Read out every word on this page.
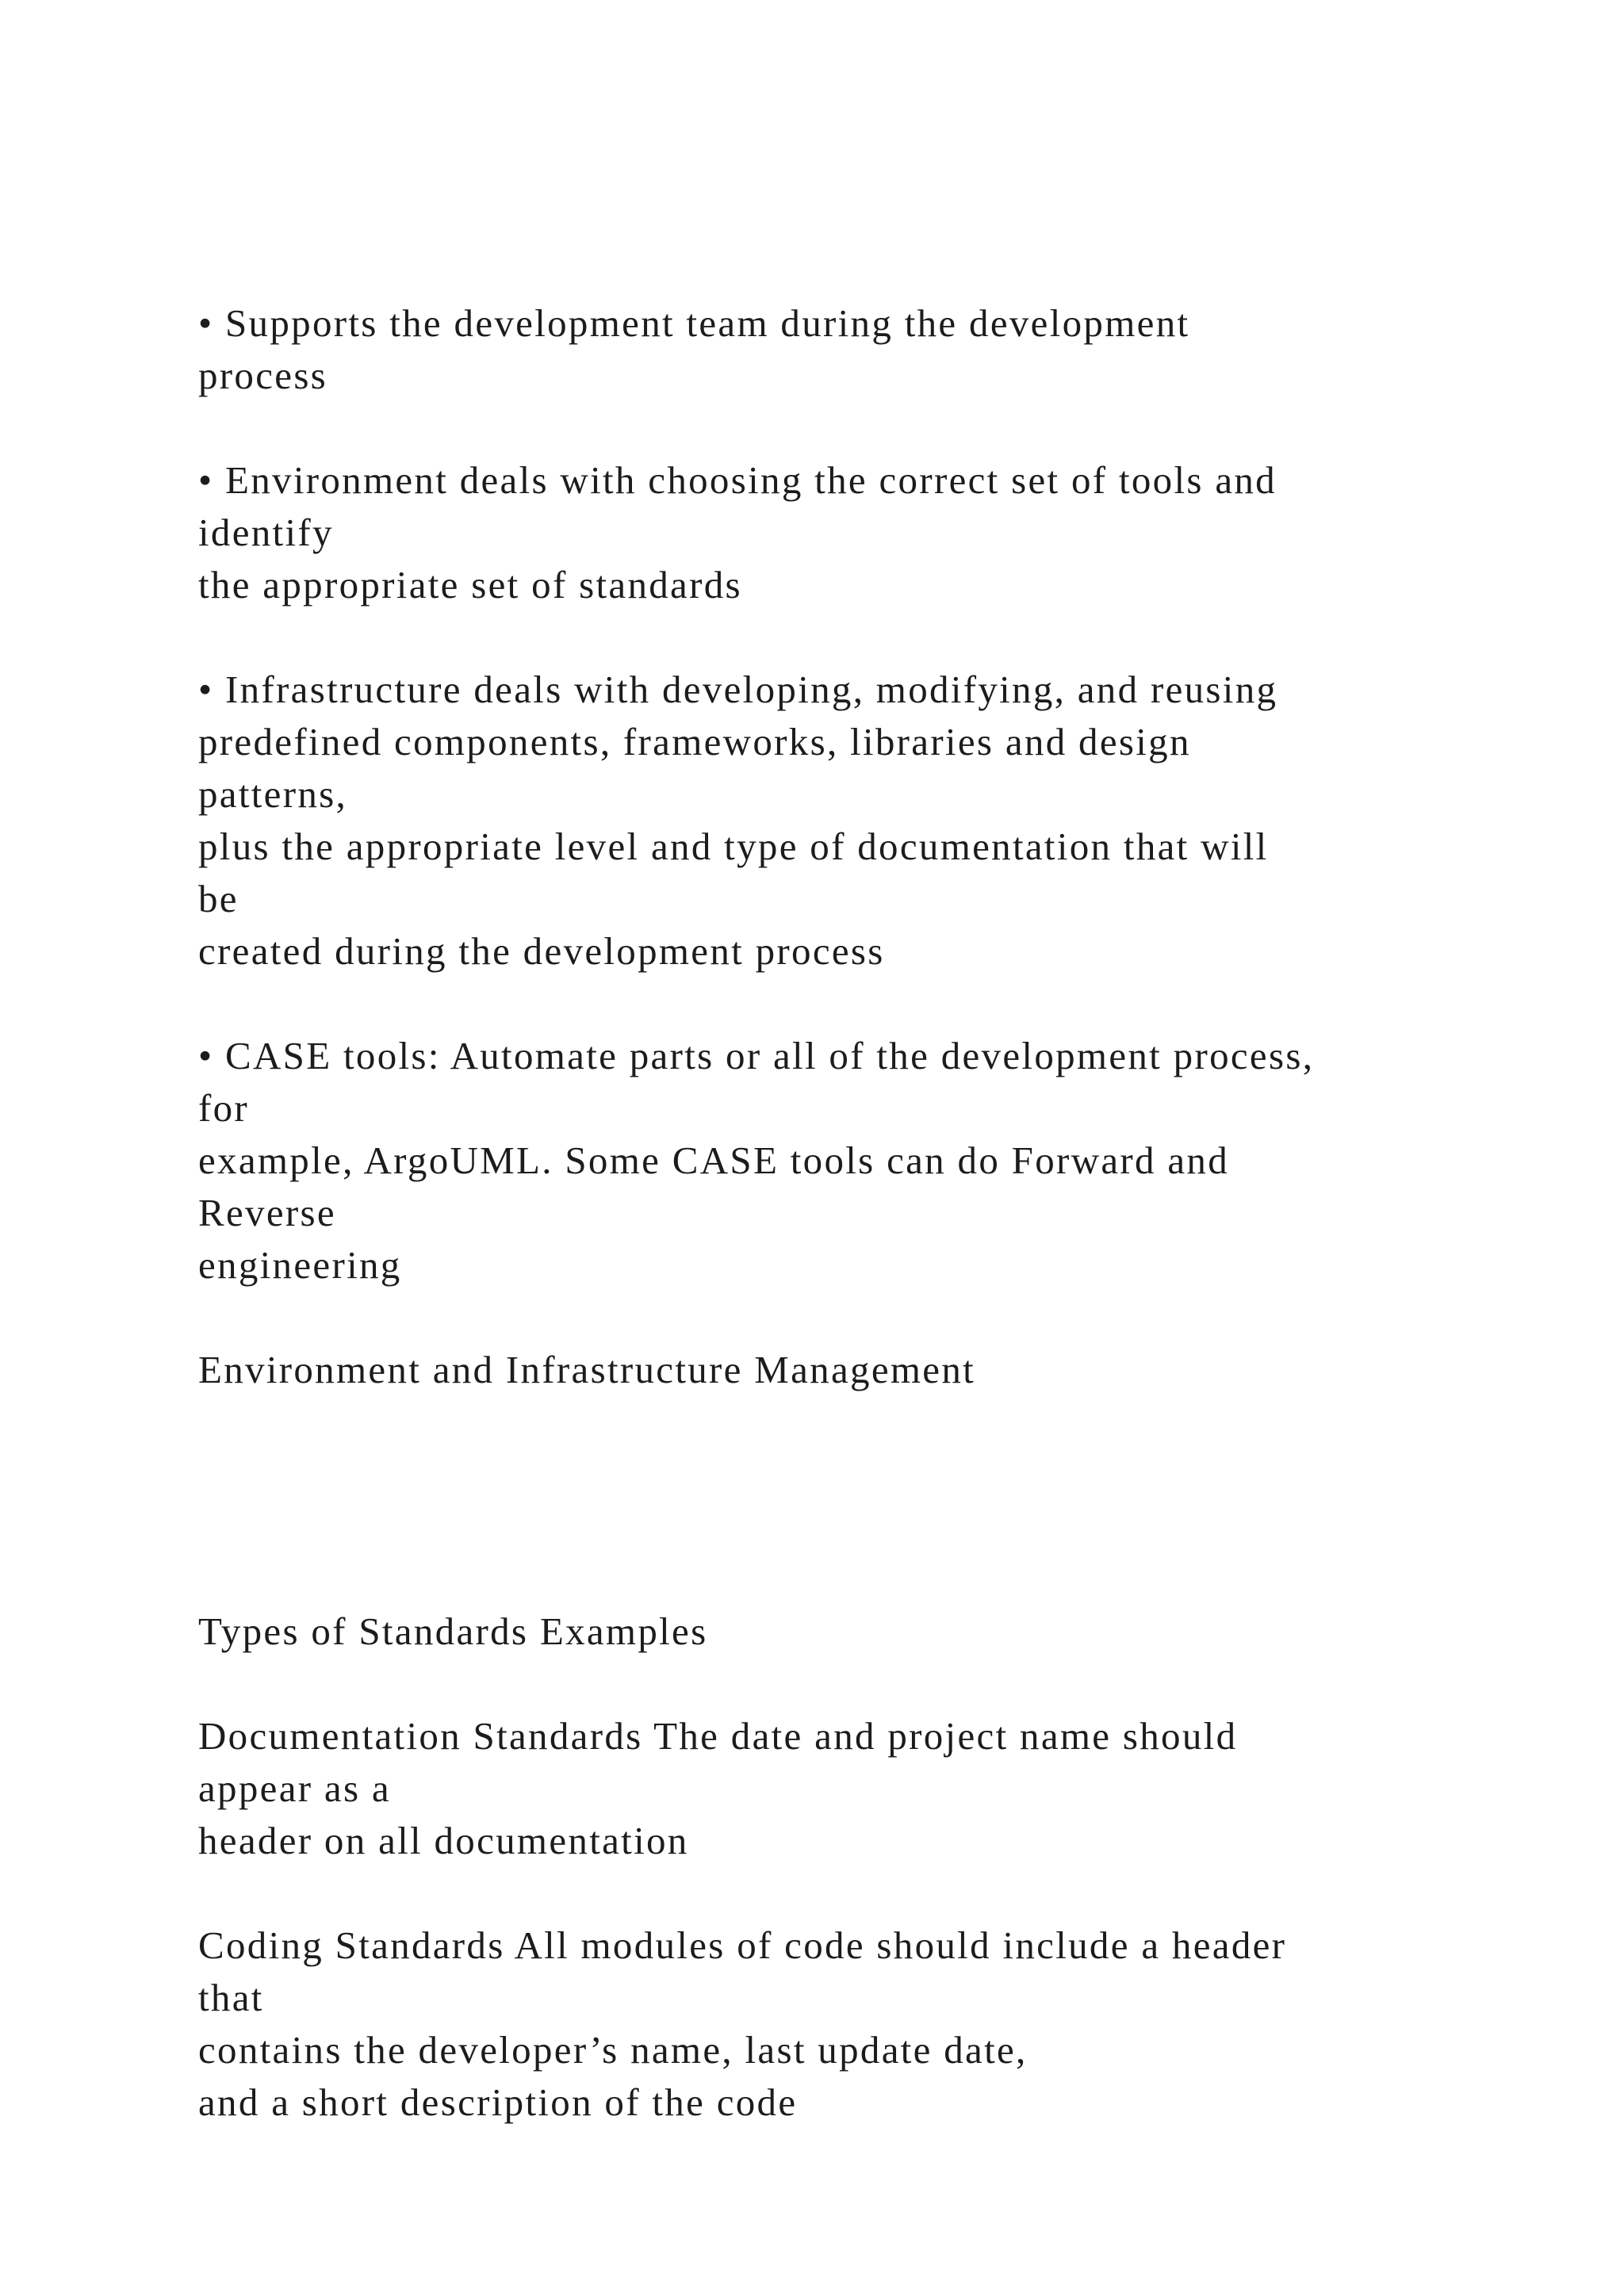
• Supports the development team during the development
process
• Environment deals with choosing the correct set of tools and
identify
the appropriate set of standards
• Infrastructure deals with developing, modifying, and reusing
predefined components, frameworks, libraries and design
patterns,
plus the appropriate level and type of documentation that will
be
created during the development process
• CASE tools: Automate parts or all of the development process,
for
example, ArgoUML. Some CASE tools can do Forward and
Reverse
engineering
Environment and Infrastructure Management
Types of Standards Examples
Documentation Standards The date and project name should
appear as a
header on all documentation
Coding Standards All modules of code should include a header
that
contains the developer’s name, last update date,
and a short description of the code
